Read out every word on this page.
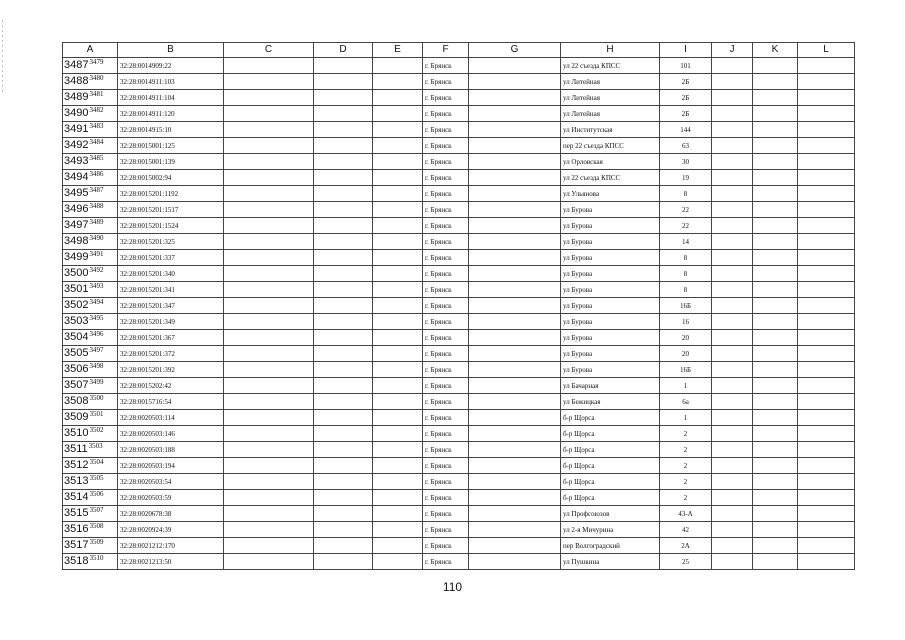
A	B	C	D	E	F	G	H	I	J	K	L
$3487^{3479}$	32:28:0014909:22				г. Брянск		ул 22 съезда КПСС	101			
$3488^{3480}$	32:28:0014911:103				г. Брянск		ул Литейная	2Б			
$3489^{3481}$	32:28:0014911:104				г. Брянск		ул Литейная	2Б			
$3490^{3482}$	32:28:0014911:120				г. Брянск		ул Литейная	2Б			
$3491^{3483}$	32:28:0014915:10				г. Брянск		ул Институтская	144			
$3492^{3484}$	32:28:0015001:125				г. Брянск		пер 22 съезда КПСС	63			
$3493^{3485}$	32:28:0015001:139				г. Брянск		ул Орловская	30			
$3494^{3486}$	32:28:0015002:94				г. Брянск		ул 22 съезда КПСС	19			
$3495^{3487}$	32:28:0015201:1192				г. Брянск		ул Ульянова	8			
$3496^{3488}$	32:28:0015201:1517				г. Брянск		ул Бурова	22			
$3497^{3489}$	32:28:0015201:1524				г. Брянск		ул Бурова	22			
$3498^{3490}$	32:28:0015201:325				г. Брянск		ул Бурова	14			
$3499^{3491}$	32:28:0015201:337				г. Брянск		ул Бурова	8			
$3500^{3492}$	32:28:0015201:340				г. Брянск		ул Бурова	8			
$3501^{3493}$	32:28:0015201:341				г. Брянск		ул Бурова	8			
$3502^{3494}$	32:28:0015201:347				г. Брянск		ул Бурова	16Б			
$3503^{3495}$	32:28:0015201:349				г. Брянск		ул Бурова	16			
$3504^{3496}$	32:28:0015201:367				г. Брянск		ул Бурова	20			
$3505^{3497}$	32:28:0015201:372				г. Брянск		ул Бурова	20			
$3506^{3498}$	32:28:0015201:392				г. Брянск		ул Бурова	16Б			
$3507^{3499}$	32:28:0015202:42				г. Брянск		ул Бачарная	1			
$3508^{3500}$	32:28:0015716:54				г. Брянск		ул Бежицкая	6а			
$3509^{3501}$	32:28:0020503:114				г. Брянск		б-р Щорса	1			
$3510^{3502}$	32:28:0020503:146				г. Брянск		б-р Щорса	2			
$3511^{3503}$	32:28:0020503:188				г. Брянск		б-р Щорса	2			
$3512^{3504}$	32:28:0020503:194				г. Брянск		б-р Щорса	2			
$3513^{3505}$	32:28:0020503:54				г. Брянск		б-р Щорса	2			
$3514^{3506}$	32:28:0020503:59				г. Брянск		б-р Щорса	2			
$3515^{3507}$	32:28:0020678:38				г. Брянск		ул Профсоюзов	43-А			
$3516^{3508}$	32:28:0020924:39				г. Брянск		ул 2-я Мичурина	42			
$3517^{3509}$	32:28:0021212:170				г. Брянск		пер Волгоградский	2А			
$3518^{3510}$	32:28:0021213:50				г. Брянск		ул Пушкина	25			
110
